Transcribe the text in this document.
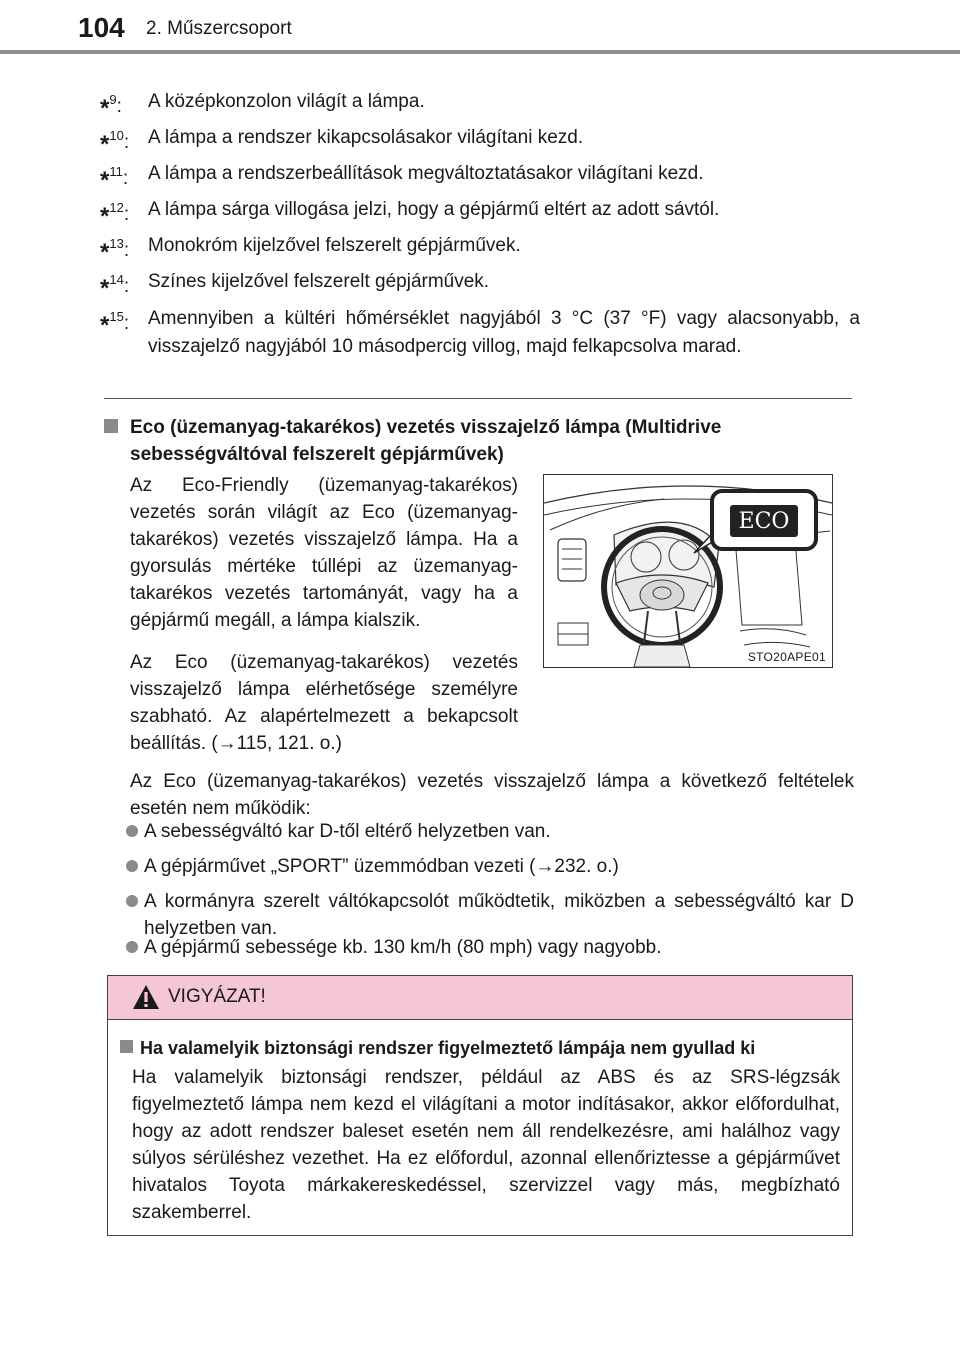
104 2. Műszercsoport
*$^9$: A középkonzolon világít a lámpa.
*$^{10}$: A lámpa a rendszer kikapcsolásakor világítani kezd.
*$^{11}$: A lámpa a rendszerbeállítások megváltoztatásakor világítani kezd.
*$^{12}$: A lámpa sárga villogása jelzi, hogy a gépjármű eltért az adott sávtól.
*$^{13}$: Monokróm kijelzővel felszerelt gépjárművek.
*$^{14}$: Színes kijelzővel felszerelt gépjárművek.
*$^{15}$: Amennyiben a kültéri hőmérséklet nagyjából 3 °C (37 °F) vagy alacsonyabb, a visszajelző nagyjából 10 másodpercig villog, majd felkapcsolva marad.
Eco (üzemanyag-takarékos) vezetés visszajelző lámpa (Multidrive sebességváltóval felszerelt gépjárművek)
Az Eco-Friendly (üzemanyag-takarékos) vezetés során világít az Eco (üzemanyag-takarékos) vezetés visszajelző lámpa. Ha a gyorsulás mértéke túllépi az üzemanyag-takarékos vezetés tartományát, vagy ha a gépjármű megáll, a lámpa kialszik.
Az Eco (üzemanyag-takarékos) vezetés visszajelző lámpa elérhetősége személyre szabható. Az alapértelmezett a bekapcsolt beállítás. (→115, 121. o.)
ECO
STO20APE01
Az Eco (üzemanyag-takarékos) vezetés visszajelző lámpa a következő feltételek esetén nem működik:
A sebességváltó kar D-től eltérő helyzetben van.
A gépjárművet „SPORT” üzemmódban vezeti (→232. o.)
A kormányra szerelt váltókapcsolót működtetik, miközben a sebességváltó kar D helyzetben van.
A gépjármű sebessége kb. 130 km/h (80 mph) vagy nagyobb.
VIGYÁZAT!
Ha valamelyik biztonsági rendszer figyelmeztető lámpája nem gyullad ki
Ha valamelyik biztonsági rendszer, például az ABS és az SRS-légzsák figyelmeztető lámpa nem kezd el világítani a motor indításakor, akkor előfordulhat, hogy az adott rendszer baleset esetén nem áll rendelkezésre, ami halálhoz vagy súlyos sérüléshez vezethet. Ha ez előfordul, azonnal ellenőriztesse a gépjárművet hivatalos Toyota márkakereskedéssel, szervizzel vagy más, megbízható szakemberrel.
